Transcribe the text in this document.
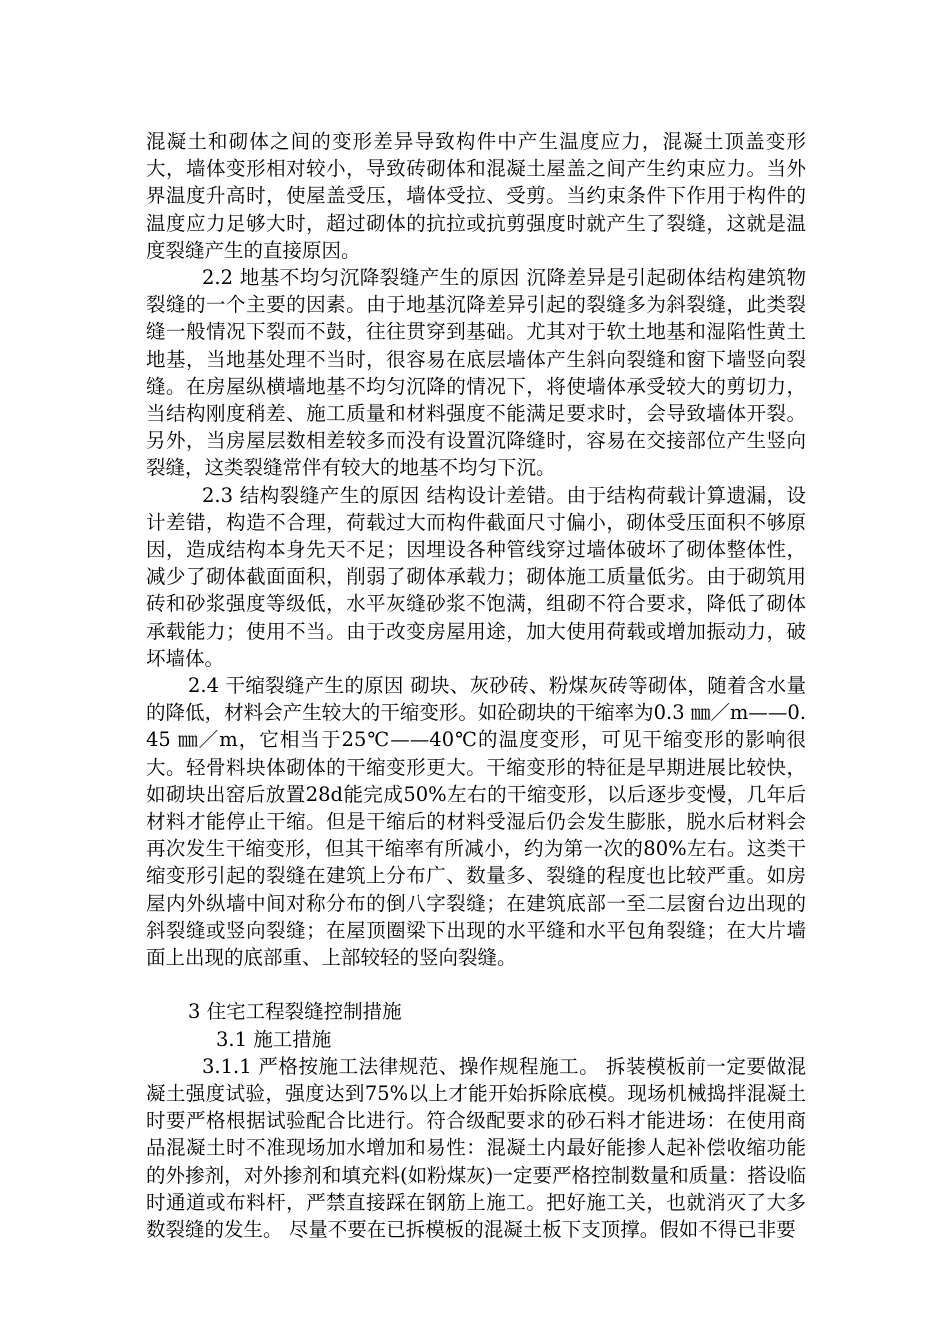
混凝土和砌体之间的变形差异导致构件中产生温度应力，混凝土顶盖变形大，墙体变形相对较小，导致砖砌体和混凝土屋盖之间产生约束应力。当外界温度升高时，使屋盖受压，墙体受拉、受剪。当约束条件下作用于构件的温度应力足够大时，超过砌体的抗拉或抗剪强度时就产生了裂缝，这就是温度裂缝产生的直接原因。

2.2 地基不均匀沉降裂缝产生的原因 沉降差异是引起砌体结构建筑物裂缝的一个主要的因素。由于地基沉降差异引起的裂缝多为斜裂缝，此类裂缝一般情况下裂而不鼓，往往贯穿到基础。尤其对于软土地基和湿陷性黄土地基，当地基处理不当时，很容易在底层墙体产生斜向裂缝和窗下墙竖向裂缝。在房屋纵横墙地基不均匀沉降的情况下，将使墙体承受较大的剪切力，当结构刚度稍差、施工质量和材料强度不能满足要求时，会导致墙体开裂。另外，当房屋层数相差较多而没有设置沉降缝时，容易在交接部位产生竖向裂缝，这类裂缝常伴有较大的地基不均匀下沉。

2.3 结构裂缝产生的原因 结构设计差错。由于结构荷载计算遗漏，设计差错，构造不合理，荷载过大而构件截面尺寸偏小，砌体受压面积不够原因，造成结构本身先天不足；因埋设各种管线穿过墙体破坏了砌体整体性，减少了砌体截面面积，削弱了砌体承载力；砌体施工质量低劣。由于砌筑用砖和砂浆强度等级低，水平灰缝砂浆不饱满，组砌不符合要求，降低了砌体承载能力；使用不当。由于改变房屋用途，加大使用荷载或增加振动力，破坏墙体。

2.4 干缩裂缝产生的原因 砌块、灰砂砖、粉煤灰砖等砌体，随着含水量的降低，材料会产生较大的干缩变形。如砼砌块的干缩率为0.3 ㎜／m——0.45 ㎜／m，它相当于25℃——40℃的温度变形，可见干缩变形的影响很大。轻骨料块体砌体的干缩变形更大。干缩变形的特征是早期进展比较快，如砌块出窑后放置28d能完成50%左右的干缩变形，以后逐步变慢，几年后材料才能停止干缩。但是干缩后的材料受湿后仍会发生膨胀，脱水后材料会再次发生干缩变形，但其干缩率有所减小，约为第一次的80%左右。这类干缩变形引起的裂缝在建筑上分布广、数量多、裂缝的程度也比较严重。如房屋内外纵墙中间对称分布的倒八字裂缝；在建筑底部一至二层窗台边出现的斜裂缝或竖向裂缝；在屋顶圈梁下出现的水平缝和水平包角裂缝；在大片墙面上出现的底部重、上部较轻的竖向裂缝。

3 住宅工程裂缝控制措施

3.1 施工措施

3.1.1 严格按施工法律规范、操作规程施工。 拆装模板前一定要做混凝土强度试验，强度达到75%以上才能开始拆除底模。现场机械捣拌混凝土时要严格根据试验配合比进行。符合级配要求的砂石料才能进场：在使用商品混凝土时不准现场加水增加和易性：混凝土内最好能掺人起补偿收缩功能的外掺剂，对外掺剂和填充料(如粉煤灰)一定要严格控制数量和质量：搭设临时通道或布料杆，严禁直接踩在钢筋上施工。把好施工关，也就消灭了大多数裂缝的发生。 尽量不要在已拆模板的混凝土板下支顶撑。假如不得已非要
